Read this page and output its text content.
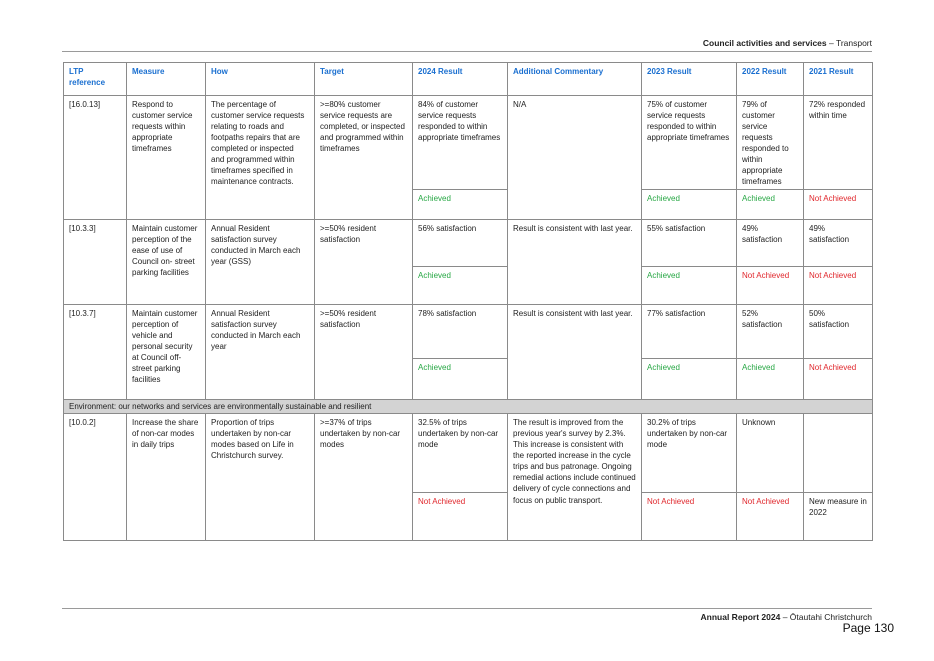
Council activities and services – Transport
LTP reference	Measure	How	Target	2024 Result	Additional Commentary	2023 Result	2022 Result	2021 Result
[16.0.13]	Respond to customer service requests within appropriate timeframes	The percentage of customer service requests relating to roads and footpaths repairs that are completed or inspected and programmed within timeframes specified in maintenance contracts.	>=80% customer service requests are completed, or inspected and programmed within timeframes	84% of customer service requests responded to within appropriate timeframes	N/A	75% of customer service requests responded to within appropriate timeframes	79% of customer service requests responded to within appropriate timeframes	72% responded within time
				Achieved		Achieved	Achieved	Not Achieved
[10.3.3]	Maintain customer perception of the ease of use of Council on- street parking facilities	Annual Resident satisfaction survey conducted in March each year (GSS)	>=50% resident satisfaction	56% satisfaction	Result is consistent with last year.	55% satisfaction	49% satisfaction	49% satisfaction
				Achieved		Achieved	Not Achieved	Not Achieved
[10.3.7]	Maintain customer perception of vehicle and personal security at Council off-street parking facilities	Annual Resident satisfaction survey conducted in March each year	>=50% resident satisfaction	78% satisfaction	Result is consistent with last year.	77% satisfaction	52% satisfaction	50% satisfaction
				Achieved		Achieved	Achieved	Not Achieved
Environment: our networks and services are environmentally sustainable and resilient								
[10.0.2]	Increase the share of non-car modes in daily trips	Proportion of trips undertaken by non-car modes based on Life in Christchurch survey.	>=37% of trips undertaken by non-car modes	32.5% of trips undertaken by non-car mode	The result is improved from the previous year's survey by 2.3%. This increase is consistent with the reported increase in the cycle trips and bus patronage. Ongoing remedial actions include continued delivery of cycle connections and focus on public transport.	30.2% of trips undertaken by non-car mode	Unknown	
				Not Achieved		Not Achieved	Not Achieved	New measure in 2022
Annual Report 2024 – Ōtautahi Christchurch
Page 130
